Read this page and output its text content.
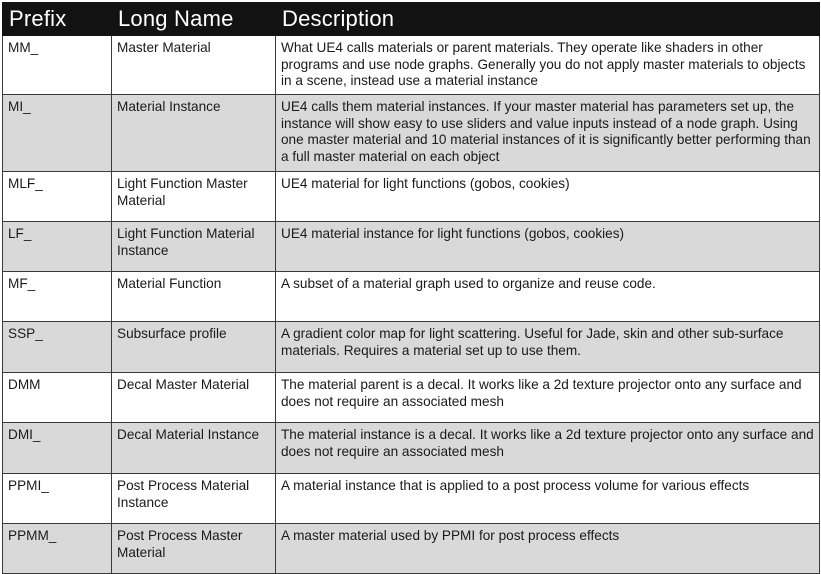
Prefix	Long Name	Description
MM_	Master Material	What UE4 calls materials or parent materials. They operate like shaders in other programs and use node graphs. Generally you do not apply master materials to objects in a scene, instead use a material instance
MI_	Material Instance	UE4 calls them material instances. If your master material has parameters set up, the instance will show easy to use sliders and value inputs instead of a node graph. Using one master material and 10 material instances of it is significantly better performing than a full master material on each object
MLF_	Light Function Master Material	UE4 material for light functions (gobos, cookies)
LF_	Light Function Material Instance	UE4 material instance for light functions (gobos, cookies)
MF_	Material Function	A subset of a material graph used to organize and reuse code.
SSP_	Subsurface profile	A gradient color map for light scattering. Useful for Jade, skin and other sub-surface materials. Requires a material set up to use them.
DMM	Decal Master Material	The material parent is a decal. It works like a 2d texture projector onto any surface and does not require an associated mesh
DMI_	Decal Material Instance	The material instance is a decal. It works like a 2d texture projector onto any surface and does not require an associated mesh
PPMI_	Post Process Material Instance	A material instance that is applied to a post process volume for various effects
PPMM_	Post Process Master Material	A master material used by PPMI for post process effects
